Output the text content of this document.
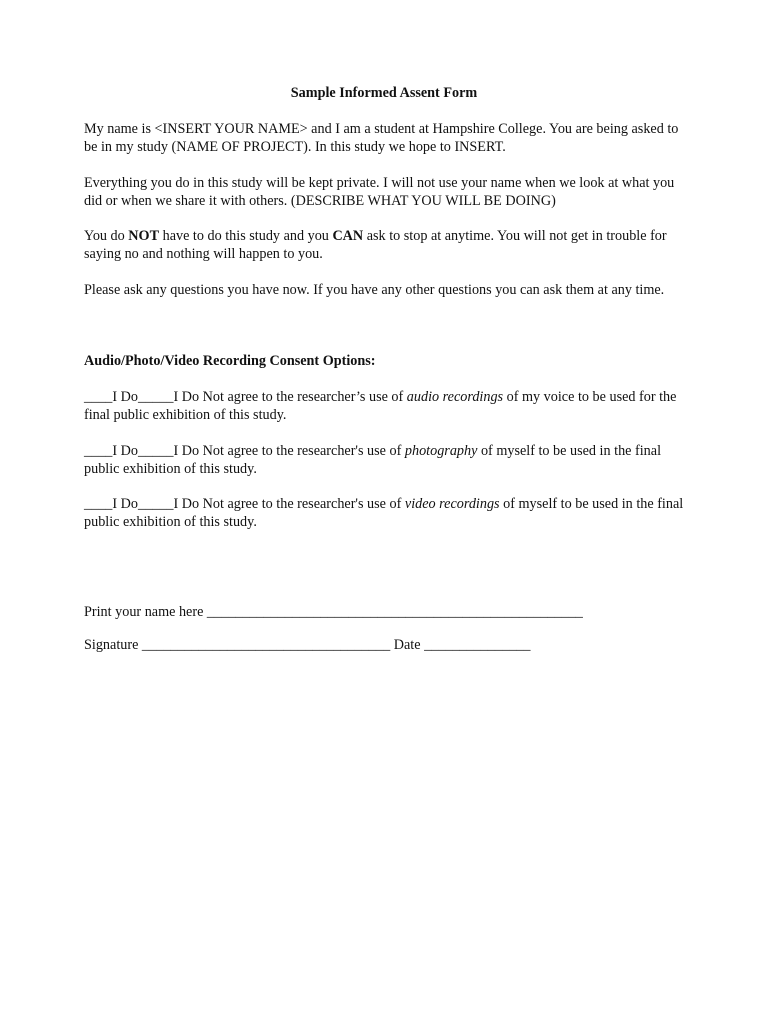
Sample Informed Assent Form

My name is <INSERT YOUR NAME> and I am a student at Hampshire College. You are being asked to be in my study (NAME OF PROJECT). In this study we hope to INSERT.

Everything you do in this study will be kept private. I will not use your name when we look at what you did or when we share it with others. (DESCRIBE WHAT YOU WILL BE DOING)

You do NOT have to do this study and you CAN ask to stop at anytime. You will not get in trouble for saying no and nothing will happen to you.

Please ask any questions you have now. If you have any other questions you can ask them at any time.

Audio/Photo/Video Recording Consent Options:

____I Do_____I Do Not agree to the researcher’s use of audio recordings of my voice to be used for the final public exhibition of this study.

____I Do_____I Do Not agree to the researcher's use of photography of myself to be used in the final public exhibition of this study.

____I Do_____I Do Not agree to the researcher's use of video recordings of myself to be used in the final public exhibition of this study.

Print your name here _____________________________________________________
Signature ___________________________________ Date _______________
